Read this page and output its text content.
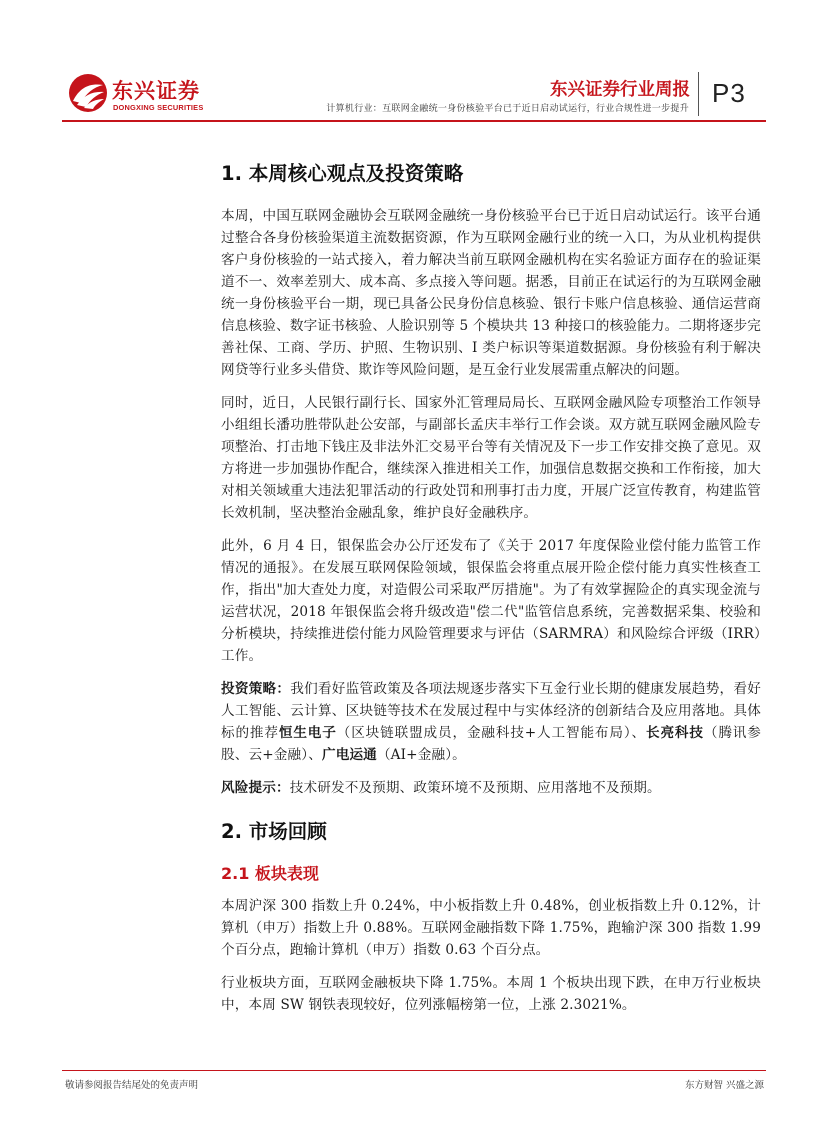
东兴证券
DONGXING SECURITIES
东兴证券行业周报
计算机行业：互联网金融统一身份核验平台已于近日启动试运行，行业合规性进一步提升
P3
1. 本周核心观点及投资策略

本周，中国互联网金融协会互联网金融统一身份核验平台已于近日启动试运行。该平台通过整合各身份核验渠道主流数据资源，作为互联网金融行业的统一入口，为从业机构提供客户身份核验的一站式接入，着力解决当前互联网金融机构在实名验证方面存在的验证渠道不一、效率差别大、成本高、多点接入等问题。据悉，目前正在试运行的为互联网金融统一身份核验平台一期，现已具备公民身份信息核验、银行卡账户信息核验、通信运营商信息核验、数字证书核验、人脸识别等 5 个模块共 13 种接口的核验能力。二期将逐步完善社保、工商、学历、护照、生物识别、I 类户标识等渠道数据源。身份核验有利于解决网贷等行业多头借贷、欺诈等风险问题，是互金行业发展需重点解决的问题。

同时，近日，人民银行副行长、国家外汇管理局局长、互联网金融风险专项整治工作领导小组组长潘功胜带队赴公安部，与副部长孟庆丰举行工作会谈。双方就互联网金融风险专项整治、打击地下钱庄及非法外汇交易平台等有关情况及下一步工作安排交换了意见。双方将进一步加强协作配合，继续深入推进相关工作，加强信息数据交换和工作衔接，加大对相关领域重大违法犯罪活动的行政处罚和刑事打击力度，开展广泛宣传教育，构建监管长效机制，坚决整治金融乱象，维护良好金融秩序。

此外，6 月 4 日，银保监会办公厅还发布了《关于 2017 年度保险业偿付能力监管工作情况的通报》。在发展互联网保险领域，银保监会将重点展开险企偿付能力真实性核查工作，指出"加大查处力度，对造假公司采取严厉措施"。为了有效掌握险企的真实现金流与运营状况，2018 年银保监会将升级改造"偿二代"监管信息系统，完善数据采集、校验和分析模块，持续推进偿付能力风险管理要求与评估（SARMRA）和风险综合评级（IRR）工作。

投资策略：我们看好监管政策及各项法规逐步落实下互金行业长期的健康发展趋势，看好人工智能、云计算、区块链等技术在发展过程中与实体经济的创新结合及应用落地。具体标的推荐恒生电子（区块链联盟成员，金融科技+人工智能布局）、长亮科技（腾讯参股、云+金融）、广电运通（AI+金融）。

风险提示：技术研发不及预期、政策环境不及预期、应用落地不及预期。

2. 市场回顾
2.1 板块表现

本周沪深 300 指数上升 0.24%，中小板指数上升 0.48%，创业板指数上升 0.12%，计算机（申万）指数上升 0.88%。互联网金融指数下降 1.75%，跑输沪深 300 指数 1.99 个百分点，跑输计算机（申万）指数 0.63 个百分点。

行业板块方面，互联网金融板块下降 1.75%。本周 1 个板块出现下跌，在申万行业板块中，本周 SW 钢铁表现较好，位列涨幅榜第一位，上涨 2.3021%。

敬请参阅报告结尾处的免责声明	东方财智 兴盛之源
